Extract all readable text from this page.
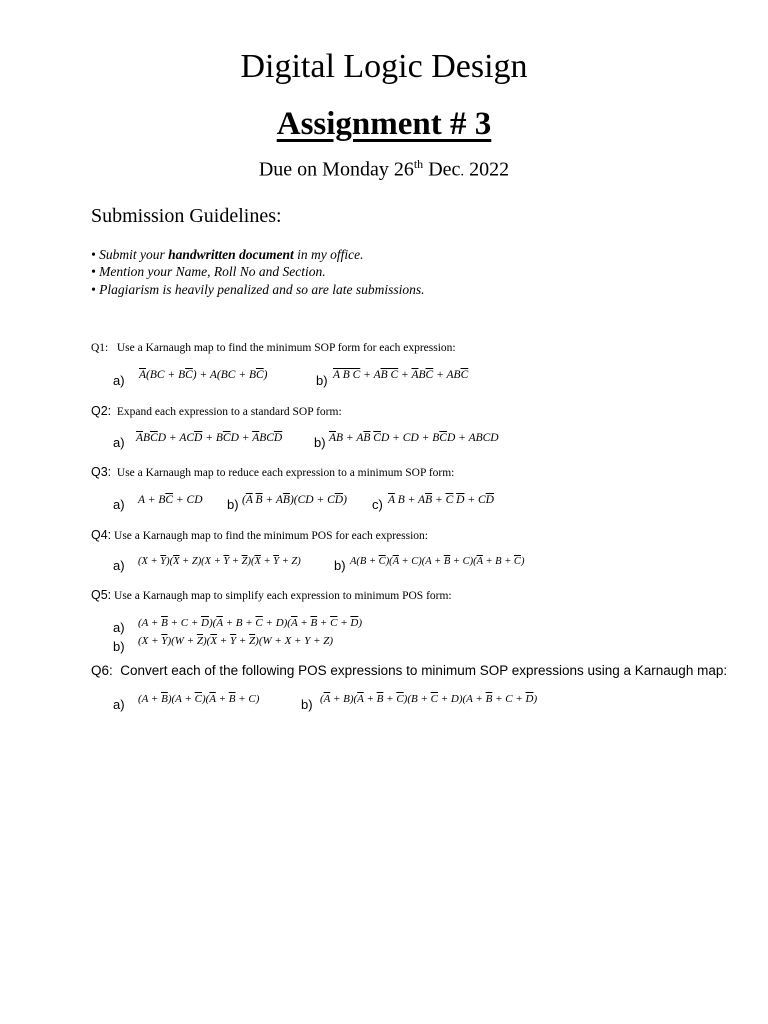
Digital Logic Design
Assignment # 3
Due on Monday 26th Dec. 2022
Submission Guidelines:
• Submit your handwritten document in my office.
• Mention your Name, Roll No and Section.
• Plagiarism is heavily penalized and so are late submissions.
Q1: Use a Karnaugh map to find the minimum SOP form for each expression:
a) $\overline{A}(BC + B\overline{C}) + A(BC + B\overline{C})$	b) A B C + AB $C + \overline{A}B\overline{C} + AB\overline{C}$
Q2: Expand each expression to a standard SOP form:
a) $\overline{A}B\overline{C}D + AC\overline{D} + B\overline{C}D + \overline{A}BC\overline{D}$ b) $\overline{A}B + A\overline{B}$ $\overline{C}D$ + CD + $B\overline{C}D$ + ABCD
Q3: Use a Karnaugh map to reduce each expression to a minimum SOP form:
a) $A + B\overline{C}$ + CD b) ($\overline{A}$ $\overline{B} + A\overline{B})(CD + C\overline{D})$ c) $\overline{A}$ $B + A\overline{B} + \overline{C}$ $\overline{D} + C\overline{D}$
Q4: Use a Karnaugh map to find the minimum POS for each expression:
a) $(X + \overline{Y})(\overline{X} + Z)(X + \overline{Y} + \overline{Z})(\overline{X} + \overline{Y} + Z)$	b) $A(B + \overline{C})(\overline{A} + C)(A + \overline{B} + C)(\overline{A} + B + \overline{C})$
Q5: Use a Karnaugh map to simplify each expression to minimum POS form:
a) $(A + \overline{B} + C + \overline{D})(\overline{A} + B + \overline{C} + D)(\overline{A} + \overline{B} + \overline{C} + \overline{D})$
b) $(X + \overline{Y})(W + \overline{Z})(\overline{X} + \overline{Y} + \overline{Z})(W + X + Y + Z)$
Q6: Convert each of the following POS expressions to minimum SOP expressions using a Karnaugh map:
a) $(A + \overline{B})(A + \overline{C})(\overline{A} + \overline{B} + C)$	b) $(\overline{A} + B)(\overline{A} + \overline{B} + \overline{C})(B + \overline{C} + D)(A + \overline{B} + C + \overline{D})$
